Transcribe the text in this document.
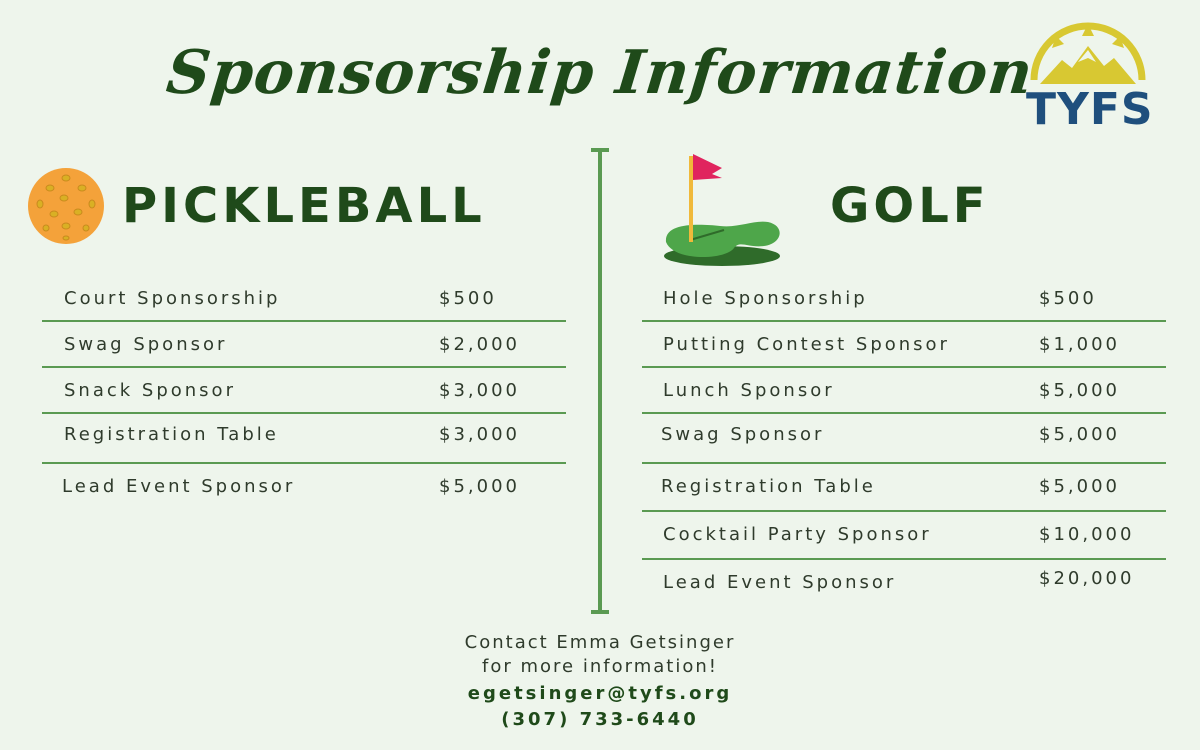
Sponsorship Information
TYFS
PICKLEBALL
Court Sponsorship	$500
Swag Sponsor	$2,000
Snack Sponsor	$3,000
Registration Table	$3,000
Lead Event Sponsor	$5,000
GOLF
Hole Sponsorship	$500
Putting Contest Sponsor	$1,000
Lunch Sponsor	$5,000
Swag Sponsor	$5,000
Registration Table	$5,000
Cocktail Party Sponsor	$10,000
Lead Event Sponsor	$20,000
Contact Emma Getsinger
for more information!
egetsinger@tyfs.org
(307) 733-6440
